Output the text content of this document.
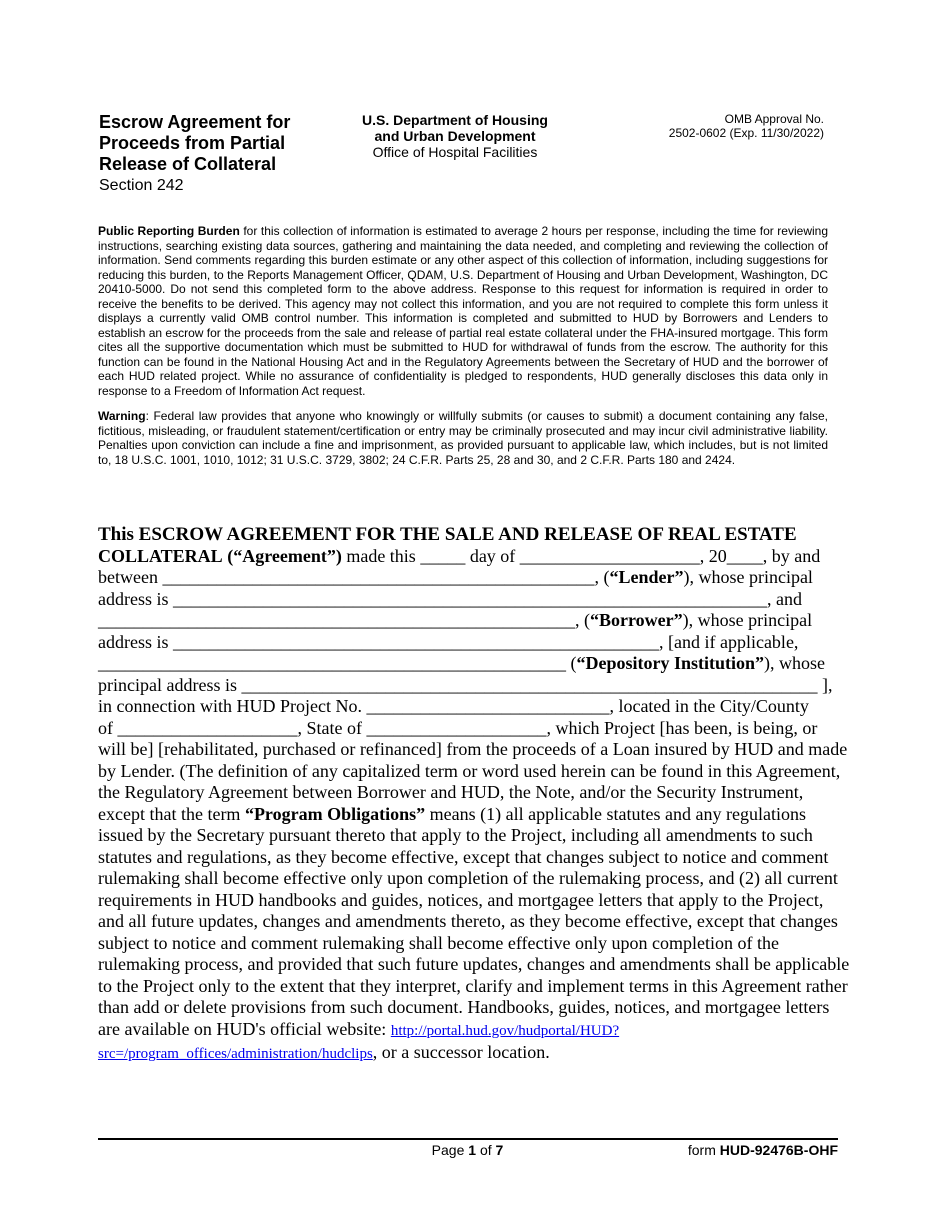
Escrow Agreement for
Proceeds from Partial
Release of Collateral
Section 242
U.S. Department of Housing
and Urban Development
Office of Hospital Facilities
OMB Approval No.
2502-0602 (Exp. 11/30/2022)

Public Reporting Burden for this collection of information is estimated to average 2 hours per response, including the time for reviewing instructions, searching existing data sources, gathering and maintaining the data needed, and completing and reviewing the collection of information. Send comments regarding this burden estimate or any other aspect of this collection of information, including suggestions for reducing this burden, to the Reports Management Officer, QDAM, U.S. Department of Housing and Urban Development, Washington, DC 20410-5000. Do not send this completed form to the above address. Response to this request for information is required in order to receive the benefits to be derived. This agency may not collect this information, and you are not required to complete this form unless it displays a currently valid OMB control number. This information is completed and submitted to HUD by Borrowers and Lenders to establish an escrow for the proceeds from the sale and release of partial real estate collateral under the FHA-insured mortgage. This form cites all the supportive documentation which must be submitted to HUD for withdrawal of funds from the escrow. The authority for this function can be found in the National Housing Act and in the Regulatory Agreements between the Secretary of HUD and the borrower of each HUD related project. While no assurance of confidentiality is pledged to respondents, HUD generally discloses this data only in response to a Freedom of Information Act request.

Warning: Federal law provides that anyone who knowingly or willfully submits (or causes to submit) a document containing any false, fictitious, misleading, or fraudulent statement/certification or entry may be criminally prosecuted and may incur civil administrative liability. Penalties upon conviction can include a fine and imprisonment, as provided pursuant to applicable law, which includes, but is not limited to, 18 U.S.C. 1001, 1010, 1012; 31 U.S.C. 3729, 3802; 24 C.F.R. Parts 25, 28 and 30, and 2 C.F.R. Parts 180 and 2424.

This ESCROW AGREEMENT FOR THE SALE AND RELEASE OF REAL ESTATE
COLLATERAL (“Agreement”) made this _____ day of ____________________, 20____, by and
between ________________________________________________, (“Lender”), whose principal
address is __________________________________________________________________, and
_____________________________________________________, (“Borrower”), whose principal
address is ______________________________________________________, [and if applicable,
____________________________________________________ (“Depository Institution”), whose
principal address is ________________________________________________________________ ],
in connection with HUD Project No. ___________________________, located in the City/County
of ____________________, State of ____________________, which Project [has been, is being, or
will be] [rehabilitated, purchased or refinanced] from the proceeds of a Loan insured by HUD and made by Lender. (The definition of any capitalized term or word used herein can be found in this Agreement, the Regulatory Agreement between Borrower and HUD, the Note, and/or the Security Instrument, except that the term “Program Obligations” means (1) all applicable statutes and any regulations issued by the Secretary pursuant thereto that apply to the Project, including all amendments to such statutes and regulations, as they become effective, except that changes subject to notice and comment rulemaking shall become effective only upon completion of the rulemaking process, and (2) all current requirements in HUD handbooks and guides, notices, and mortgagee letters that apply to the Project, and all future updates, changes and amendments thereto, as they become effective, except that changes subject to notice and comment rulemaking shall become effective only upon completion of the rulemaking process, and provided that such future updates, changes and amendments shall be applicable to the Project only to the extent that they interpret, clarify and implement terms in this Agreement rather than add or delete provisions from such document. Handbooks, guides, notices, and mortgagee letters are available on HUD's official website: http://portal.hud.gov/hudportal/HUD?src=/program_offices/administration/hudclips, or a successor location.
Page 1 of 7	form HUD-92476B-OHF
